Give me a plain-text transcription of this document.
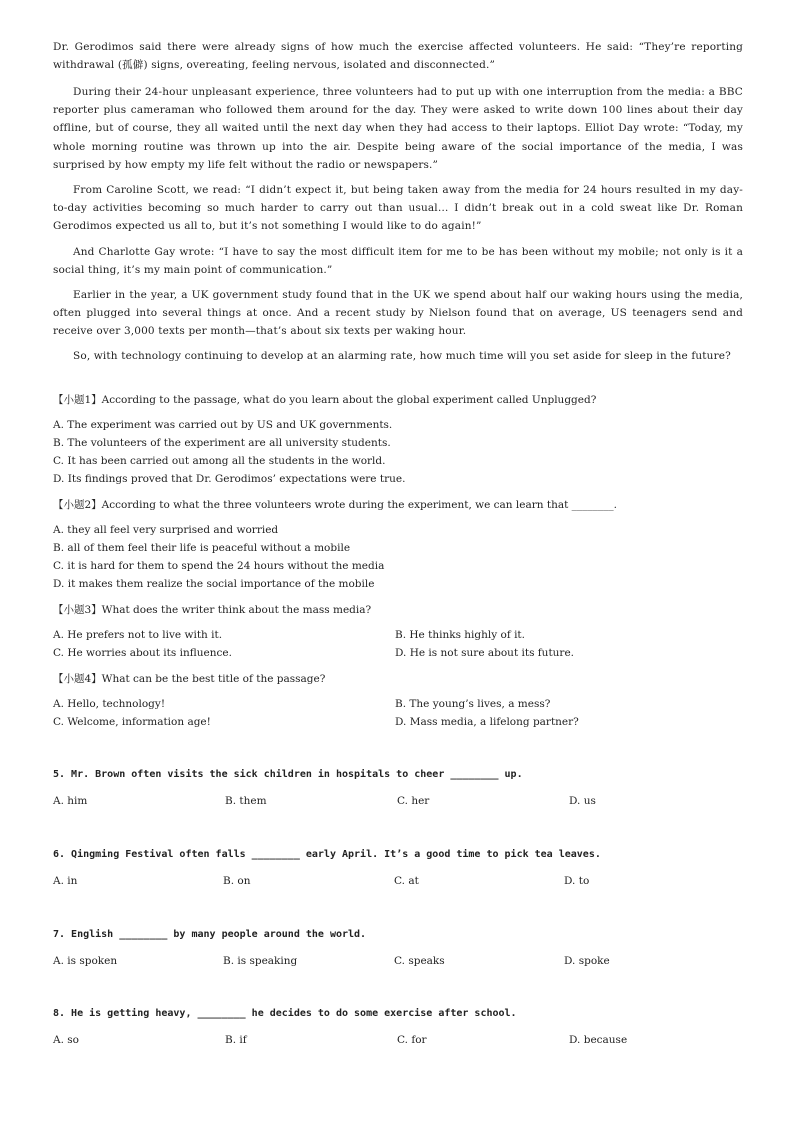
Dr. Gerodimos said there were already signs of how much the exercise affected volunteers. He said: “They’re reporting withdrawal (孤僻) signs, overeating, feeling nervous, isolated and disconnected.”

During their 24-hour unpleasant experience, three volunteers had to put up with one interruption from the media: a BBC reporter plus cameraman who followed them around for the day. They were asked to write down 100 lines about their day offline, but of course, they all waited until the next day when they had access to their laptops. Elliot Day wrote: “Today, my whole morning routine was thrown up into the air. Despite being aware of the social importance of the media, I was surprised by how empty my life felt without the radio or newspapers.”

From Caroline Scott, we read: “I didn’t expect it, but being taken away from the media for 24 hours resulted in my day-to-day activities becoming so much harder to carry out than usual… I didn’t break out in a cold sweat like Dr. Roman Gerodimos expected us all to, but it’s not something I would like to do again!”

And Charlotte Gay wrote: “I have to say the most difficult item for me to be has been without my mobile; not only is it a social thing, it’s my main point of communication.”

Earlier in the year, a UK government study found that in the UK we spend about half our waking hours using the media, often plugged into several things at once. And a recent study by Nielson found that on average, US teenagers send and receive over 3,000 texts per month—that’s about six texts per waking hour.

So, with technology continuing to develop at an alarming rate, how much time will you set aside for sleep in the future?

【小题1】According to the passage, what do you learn about the global experiment called Unplugged?

A. The experiment was carried out by US and UK governments.
B. The volunteers of the experiment are all university students.
C. It has been carried out among all the students in the world.
D. Its findings proved that Dr. Gerodimos’ expectations were true.

【小题2】According to what the three volunteers wrote during the experiment, we can learn that ________.

A. they all feel very surprised and worried
B. all of them feel their life is peaceful without a mobile
C. it is hard for them to spend the 24 hours without the media
D. it makes them realize the social importance of the mobile

【小题3】What does the writer think about the mass media?

A. He prefers not to live with it.	B. He thinks highly of it.
C. He worries about its influence.	D. He is not sure about its future.

【小题4】What can be the best title of the passage?

A. Hello, technology!	B. The young’s lives, a mess?
C. Welcome, information age!	D. Mass media, a lifelong partner?
5. Mr. Brown often visits the sick children in hospitals to cheer ________ up.
A. him	B. them	C. her	D. us
6. Qingming Festival often falls ________ early April. It’s a good time to pick tea leaves.
A. in	B. on	C. at	D. to
7. English ________ by many people around the world.
A. is spoken	B. is speaking	C. speaks	D. spoke
8. He is getting heavy, ________ he decides to do some exercise after school.
A. so	B. if	C. for	D. because
